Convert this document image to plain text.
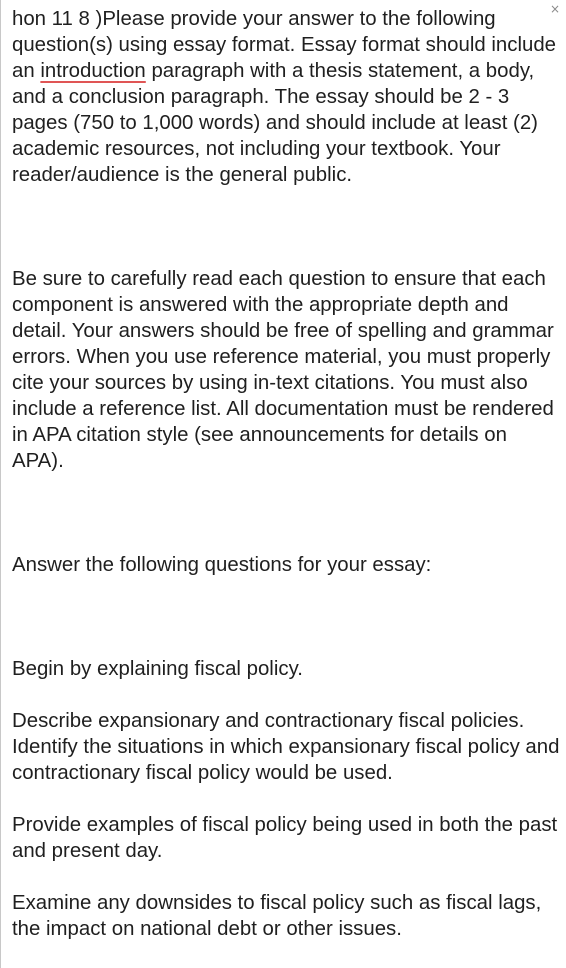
×

hon 11 8 )Please provide your answer to the following question(s) using essay format. Essay format should include an introduction paragraph with a thesis statement, a body, and a conclusion paragraph. The essay should be 2 - 3 pages (750 to 1,000 words) and should include at least (2) academic resources, not including your textbook. Your reader/audience is the general public.

Be sure to carefully read each question to ensure that each component is answered with the appropriate depth and detail. Your answers should be free of spelling and grammar errors. When you use reference material, you must properly cite your sources by using in-text citations. You must also include a reference list. All documentation must be rendered in APA citation style (see announcements for details on APA).

Answer the following questions for your essay:

Begin by explaining fiscal policy.

Describe expansionary and contractionary fiscal policies. Identify the situations in which expansionary fiscal policy and contractionary fiscal policy would be used.

Provide examples of fiscal policy being used in both the past and present day.

Examine any downsides to fiscal policy such as fiscal lags, the impact on national debt or other issues.
